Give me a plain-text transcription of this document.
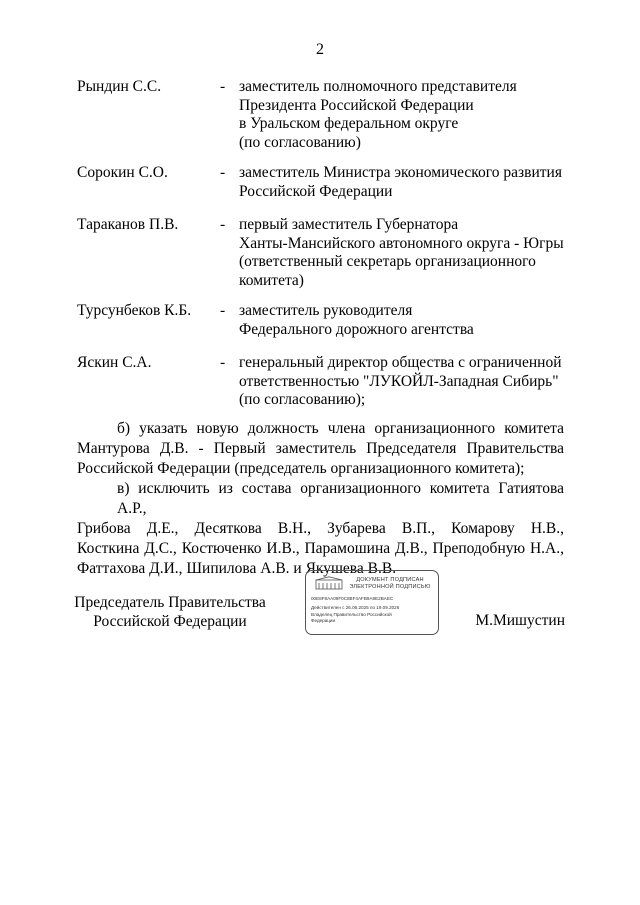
2
Рындин С.С.	- заместитель полномочного представителя
Президента Российской Федерации
в Уральском федеральном округе
(по согласованию)
Сорокин С.О.	- заместитель Министра экономического развития
Российской Федерации
Тараканов П.В.	- первый заместитель Губернатора
Ханты-Мансийского автономного округа - Югры
(ответственный секретарь организационного
комитета)
Турсунбеков К.Б. - заместитель руководителя
Федерального дорожного агентства
Яскин С.А.	- генеральный директор общества с ограниченной
ответственностью "ЛУКОЙЛ-Западная Сибирь"
(по согласованию);
б) указать новую должность члена организационного комитета
Мантурова Д.В. - Первый заместитель Председателя Правительства
Российской Федерации (председатель организационного комитета);
в) исключить из состава организационного комитета Гатиятова А.Р.,
Грибова Д.Е., Десяткова В.Н., Зубарева В.П., Комарову Н.В.,
Косткина Д.С., Костюченко И.В., Парамошина Д.В., Преподобную Н.А.,
Фаттахова Д.И., Шипилова А.В. и Якушева В.В.
Председатель Правительства
Российской Федерации
ДОКУМЕНТ ПОДПИСАН
ЭЛЕКТРОННОЙ ПОДПИСЬЮ
00E8F8AA09F0C8BF4AFB9A9E2BAEC
Действителен с 26.06.2025 по 19.09.2026
Владелец Правительство Российской
Федерации	М.Мишустин
